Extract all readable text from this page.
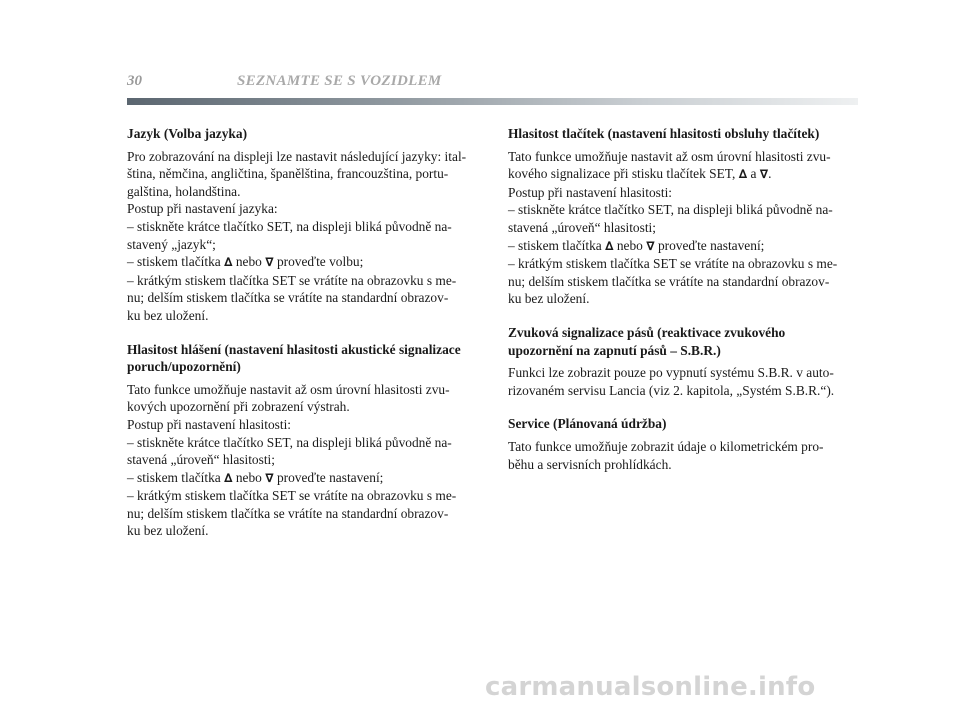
30	SEZNAMTE SE S VOZIDLEM
Jazyk (Volba jazyka)
Pro zobrazování na displeji lze nastavit následující jazyky: ital-
ština, němčina, angličtina, španělština, francouzština, portu-
galština, holandština.
Postup při nastavení jazyka:
– stiskněte krátce tlačítko SET, na displeji bliká původně na-
stavený „jazyk“;
– stiskem tlačítka ∆ nebo ∇ proveďte volbu;
– krátkým stiskem tlačítka SET se vrátíte na obrazovku s me-
nu; delším stiskem tlačítka se vrátíte na standardní obrazov-
ku bez uložení.
Hlasitost hlášení (nastavení hlasitosti akustické signalizace
poruch/upozornění)
Tato funkce umožňuje nastavit až osm úrovní hlasitosti zvu-
kových upozornění při zobrazení výstrah.
Postup při nastavení hlasitosti:
– stiskněte krátce tlačítko SET, na displeji bliká původně na-
stavená „úroveň“ hlasitosti;
– stiskem tlačítka ∆ nebo ∇ proveďte nastavení;
– krátkým stiskem tlačítka SET se vrátíte na obrazovku s me-
nu; delším stiskem tlačítka se vrátíte na standardní obrazov-
ku bez uložení.
Hlasitost tlačítek (nastavení hlasitosti obsluhy tlačítek)
Tato funkce umožňuje nastavit až osm úrovní hlasitosti zvu-
kového signalizace při stisku tlačítek SET, ∆ a ∇.
Postup při nastavení hlasitosti:
– stiskněte krátce tlačítko SET, na displeji bliká původně na-
stavená „úroveň“ hlasitosti;
– stiskem tlačítka ∆ nebo ∇ proveďte nastavení;
– krátkým stiskem tlačítka SET se vrátíte na obrazovku s me-
nu; delším stiskem tlačítka se vrátíte na standardní obrazov-
ku bez uložení.
Zvuková signalizace pásů (reaktivace zvukového
upozornění na zapnutí pásů – S.B.R.)
Funkci lze zobrazit pouze po vypnutí systému S.B.R. v auto-
rizovaném servisu Lancia (viz 2. kapitola, „Systém S.B.R.“).
Service (Plánovaná údržba)
Tato funkce umožňuje zobrazit údaje o kilometrickém pro-
běhu a servisních prohlídkách.
carmanualsonline.info
